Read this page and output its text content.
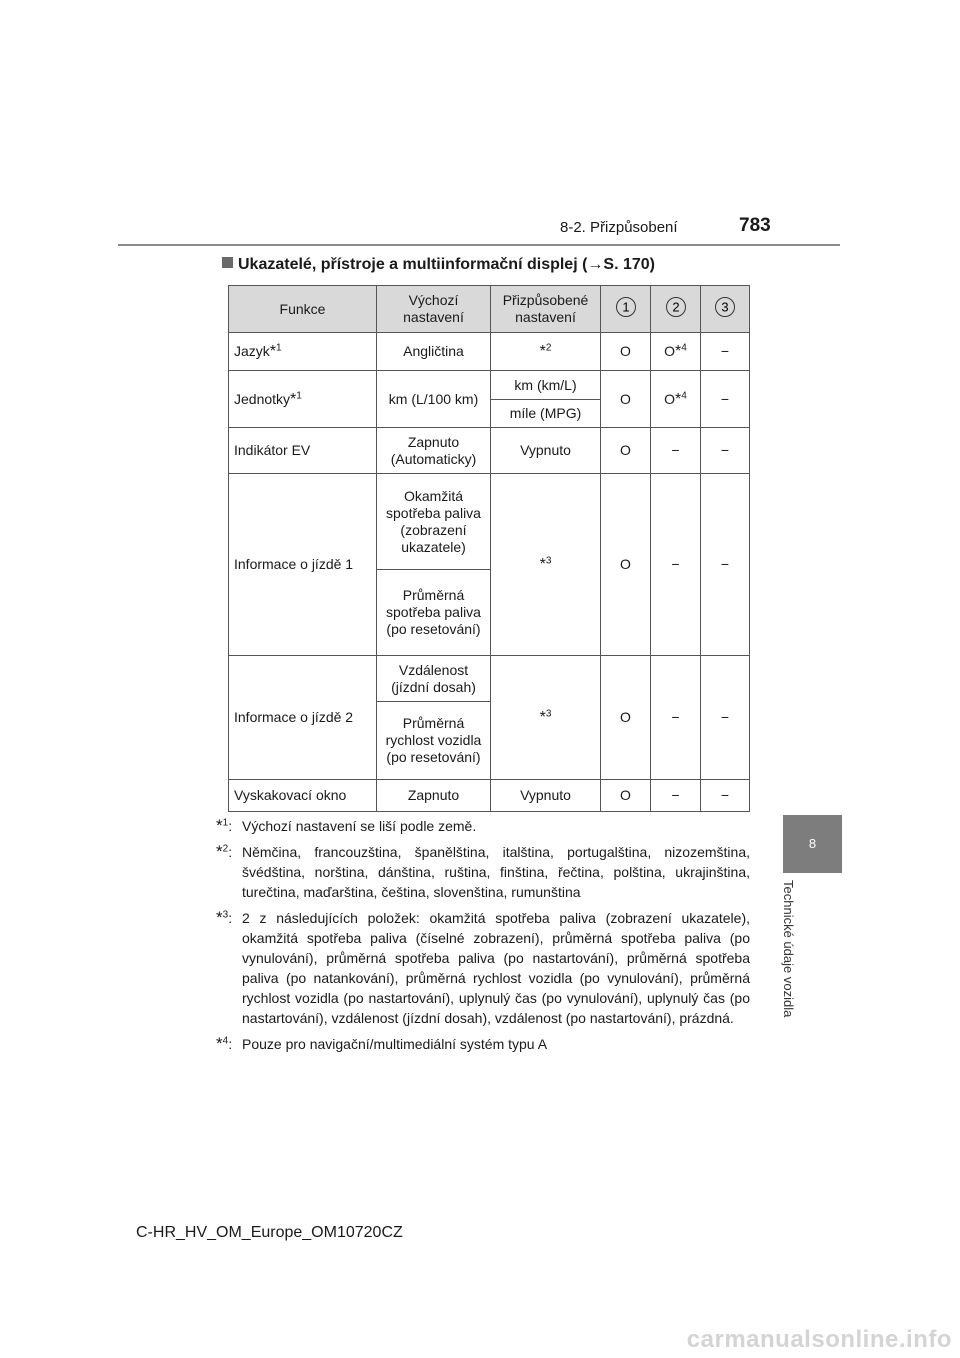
8-2. Přizpůsobení	783
8
Technické údaje vozidla
Ukazatelé, přístroje a multiinformační displej (→S. 170)
Funkce	Výchozí nastavení	Přizpůsobené nastavení	1	2	3

Jazyk*$^1$	Angličtina	*$^2$	O	O*$^4$	−
Jednotky*$^1$	km (L/100 km)	km (km/L)	O	O*$^4$	−
		míle (MPG)			
Indikátor EV	Zapnuto (Automaticky)	Vypnuto	O	−	−
Informace o jízdě 1	Okamžitá spotřeba paliva (zobrazení ukazatele)	*$^3$	O	−	−
	Průměrná spotřeba paliva (po resetování)				
Informace o jízdě 2	Vzdálenost (jízdní dosah)	*$^3$	O	−	−
	Průměrná rychlost vozidla (po resetování)				
Vyskakovací okno	Zapnuto	Vypnuto	O	−	−
*$^1$: Výchozí nastavení se liší podle země.
*$^2$: Němčina, francouzština, španělština, italština, portugalština, nizozemština, švédština, norština, dánština, ruština, finština, řečtina, polština, ukrajinština, turečtina, maďarština, čeština, slovenština, rumunština
*$^3$: 2 z následujících položek: okamžitá spotřeba paliva (zobrazení ukazatele), okamžitá spotřeba paliva (číselné zobrazení), průměrná spotřeba paliva (po vynulování), průměrná spotřeba paliva (po nastartování), průměrná spotřeba paliva (po natankování), průměrná rychlost vozidla (po vynulování), průměrná rychlost vozidla (po nastartování), uplynulý čas (po vynulování), uplynulý čas (po nastartování), vzdálenost (jízdní dosah), vzdálenost (po nastartování), prázdná.
*$^4$: Pouze pro navigační/multimediální systém typu A
C-HR_HV_OM_Europe_OM10720CZ
carmanualsonline.info
